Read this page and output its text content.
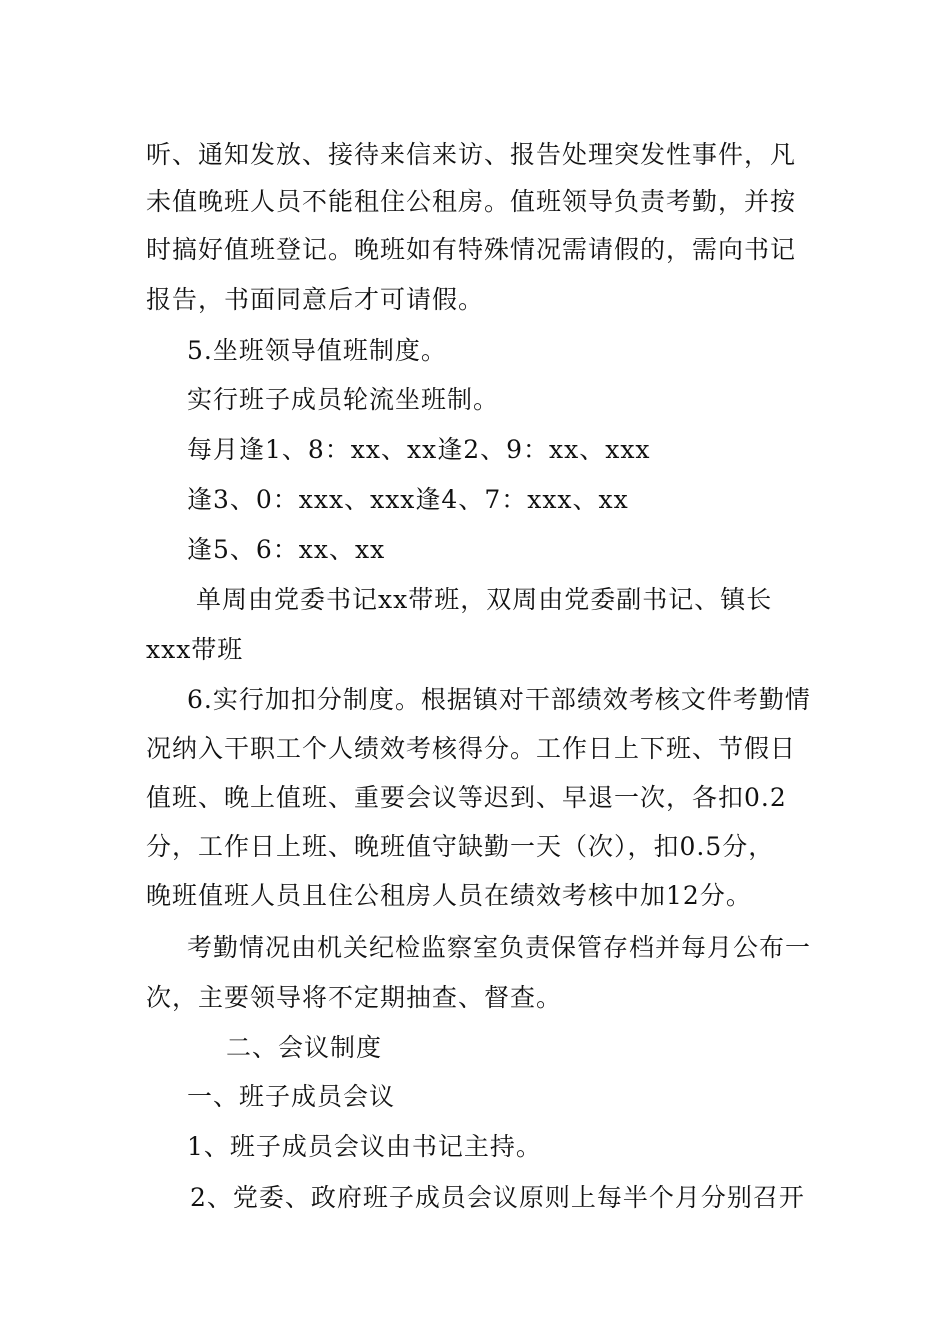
听、通知发放、接待来信来访、报告处理突发性事件，凡
未值晚班人员不能租住公租房。值班领导负责考勤，并按
时搞好值班登记。晚班如有特殊情况需请假的，需向书记
报告，书面同意后才可请假。
5.坐班领导值班制度。
实行班子成员轮流坐班制。
每月逢1、8：xx、xx逢2、9：xx、xxx
逢3、0：xxx、xxx逢4、7：xxx、xx
逢5、6：xx、xx
单周由党委书记xx带班，双周由党委副书记、镇长
xxx带班
6.实行加扣分制度。根据镇对干部绩效考核文件考勤情
况纳入干职工个人绩效考核得分。工作日上下班、节假日
值班、晚上值班、重要会议等迟到、早退一次，各扣0.2
分，工作日上班、晚班值守缺勤一天（次），扣0.5分，
晚班值班人员且住公租房人员在绩效考核中加12分。
考勤情况由机关纪检监察室负责保管存档并每月公布一
次，主要领导将不定期抽查、督查。
二、会议制度
一、班子成员会议
1、班子成员会议由书记主持。
2、党委、政府班子成员会议原则上每半个月分别召开
